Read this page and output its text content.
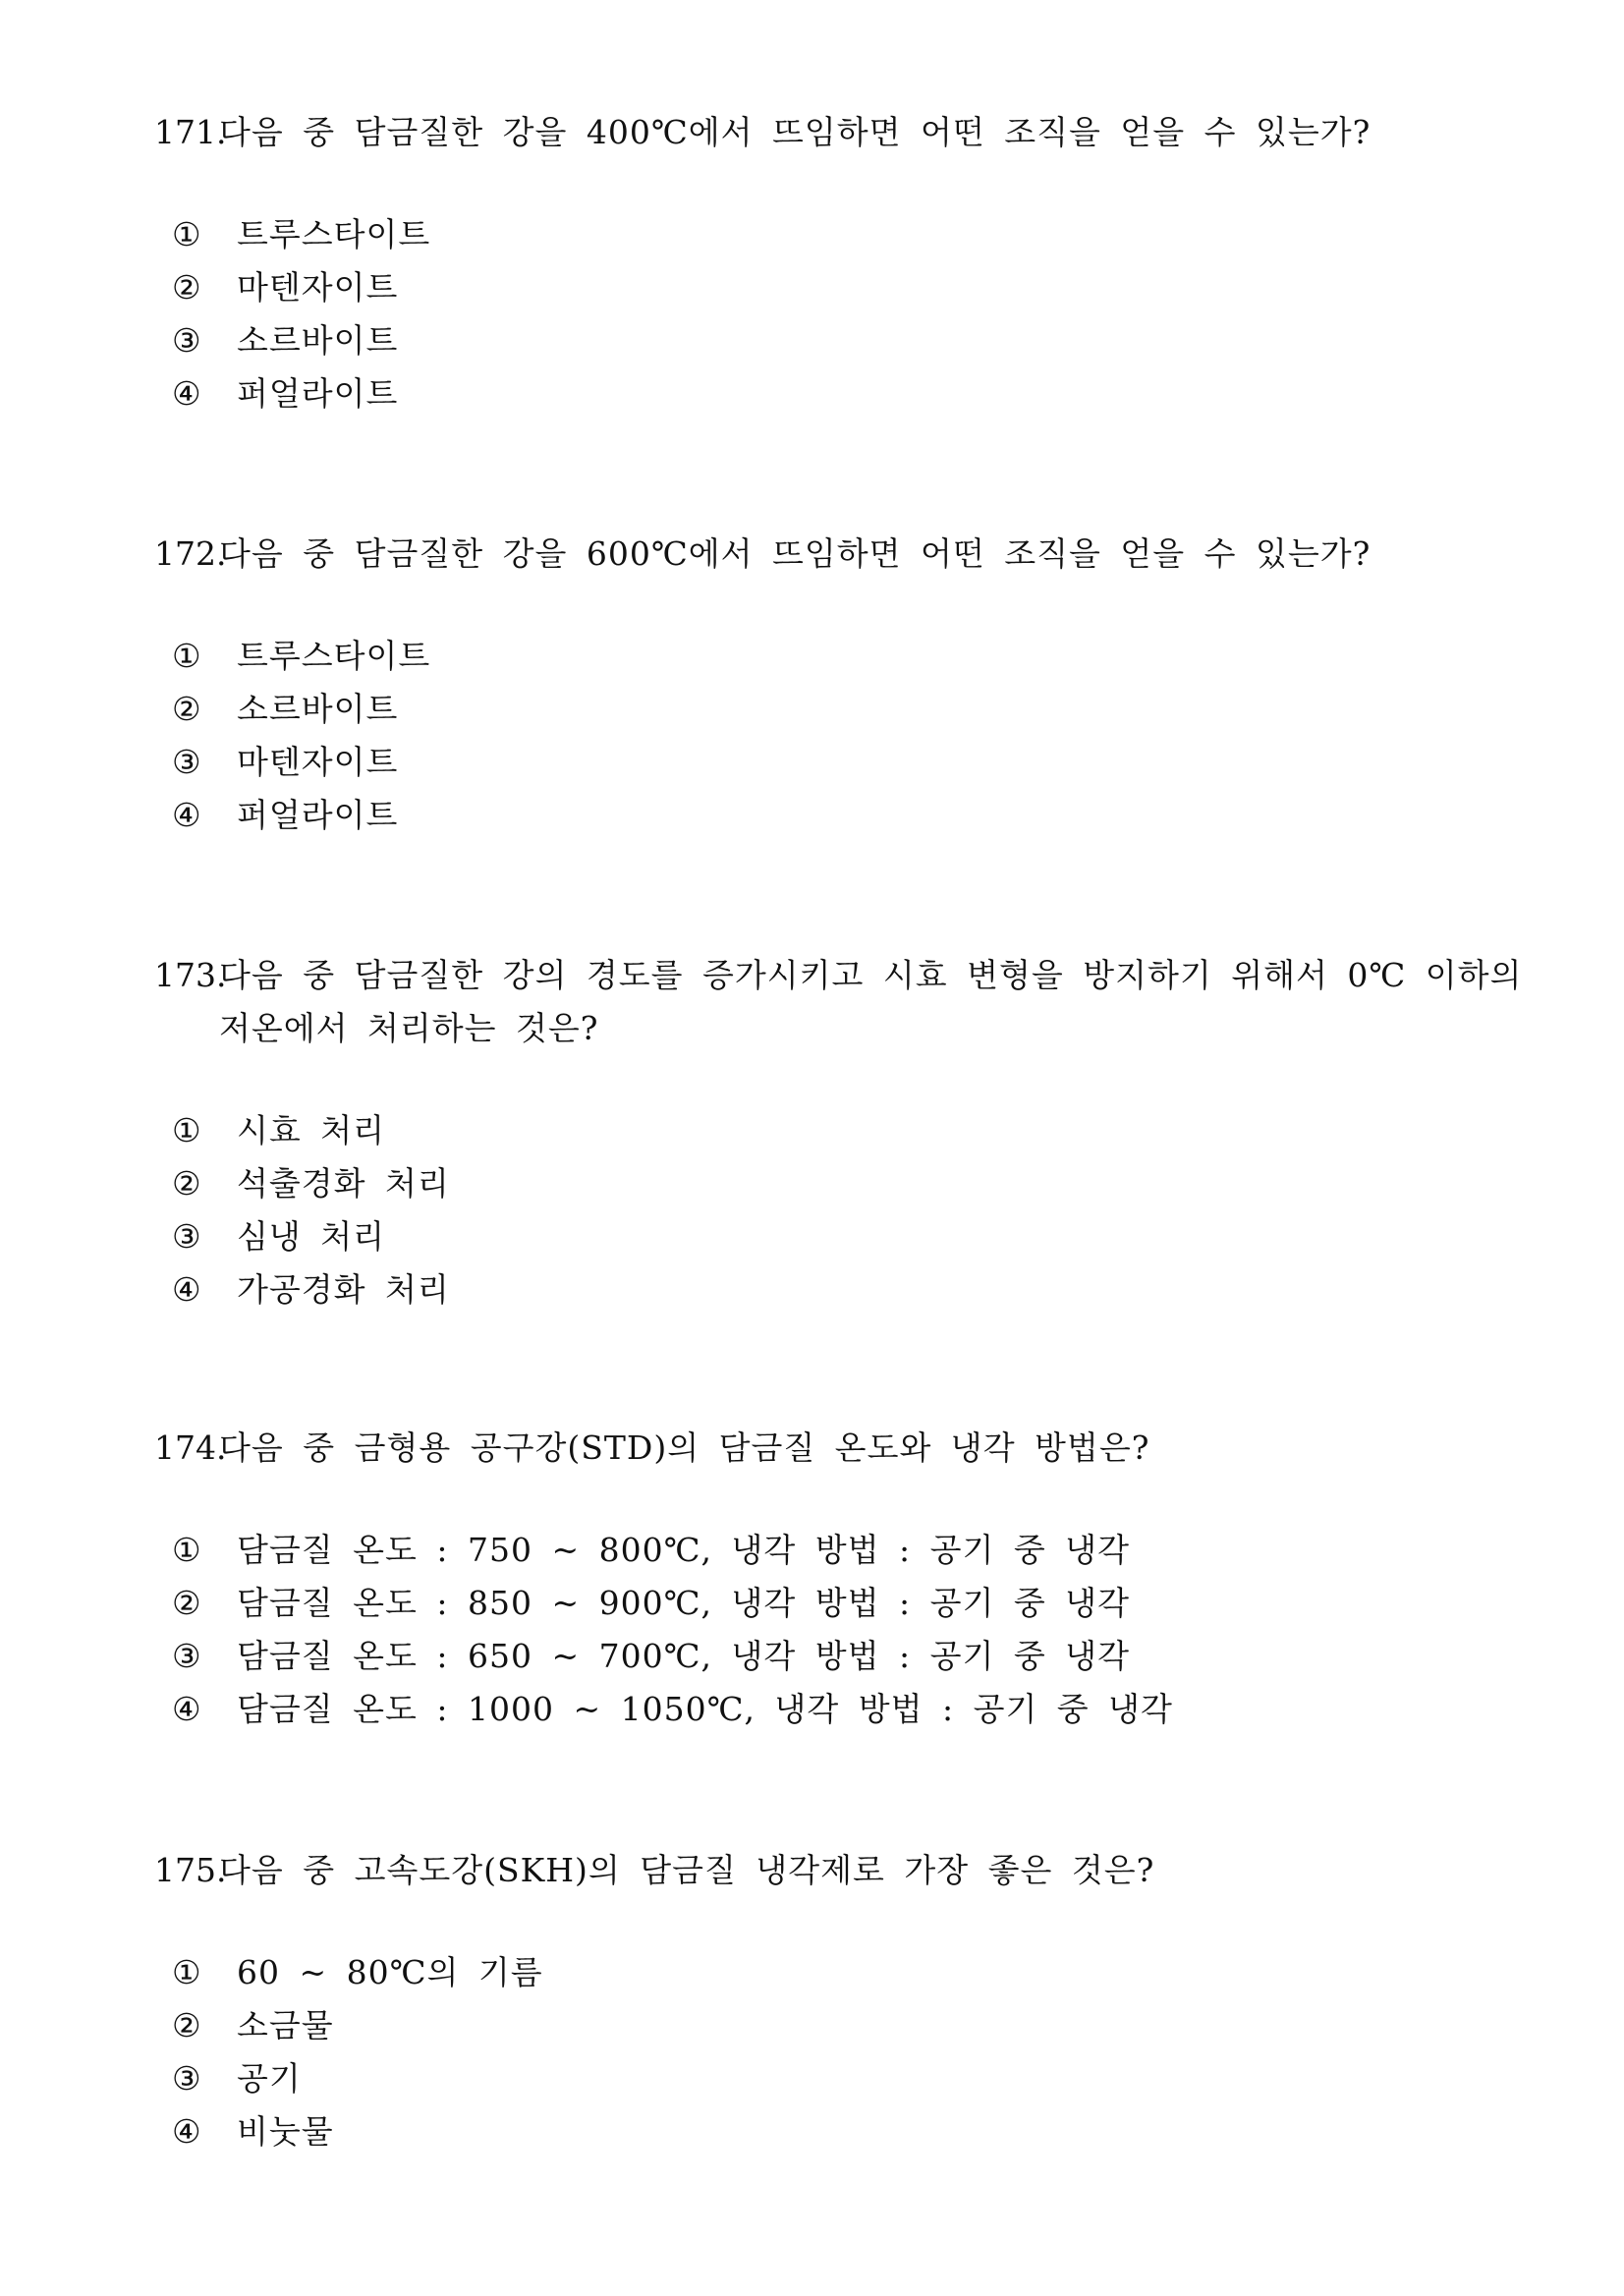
171.
다음 중 담금질한 강을 400℃에서 뜨임하면 어떤 조직을 얻을 수 있는가?
① 트루스타이트
② 마텐자이트
③ 소르바이트
④ 퍼얼라이트
172.
다음 중 담금질한 강을 600℃에서 뜨임하면 어떤 조직을 얻을 수 있는가?
① 트루스타이트
② 소르바이트
③ 마텐자이트
④ 퍼얼라이트
173.
다음 중 담금질한 강의 경도를 증가시키고 시효 변형을 방지하기 위해서 0℃ 이하의
저온에서 처리하는 것은?
① 시효 처리
② 석출경화 처리
③ 심냉 처리
④ 가공경화 처리
174.
다음 중 금형용 공구강(STD)의 담금질 온도와 냉각 방법은?
① 담금질 온도 : 750 ~ 800℃, 냉각 방법 : 공기 중 냉각
② 담금질 온도 : 850 ~ 900℃, 냉각 방법 : 공기 중 냉각
③ 담금질 온도 : 650 ~ 700℃, 냉각 방법 : 공기 중 냉각
④ 담금질 온도 : 1000 ~ 1050℃, 냉각 방법 : 공기 중 냉각
175.
다음 중 고속도강(SKH)의 담금질 냉각제로 가장 좋은 것은?
① 60 ~ 80℃의 기름
② 소금물
③ 공기
④ 비눗물
